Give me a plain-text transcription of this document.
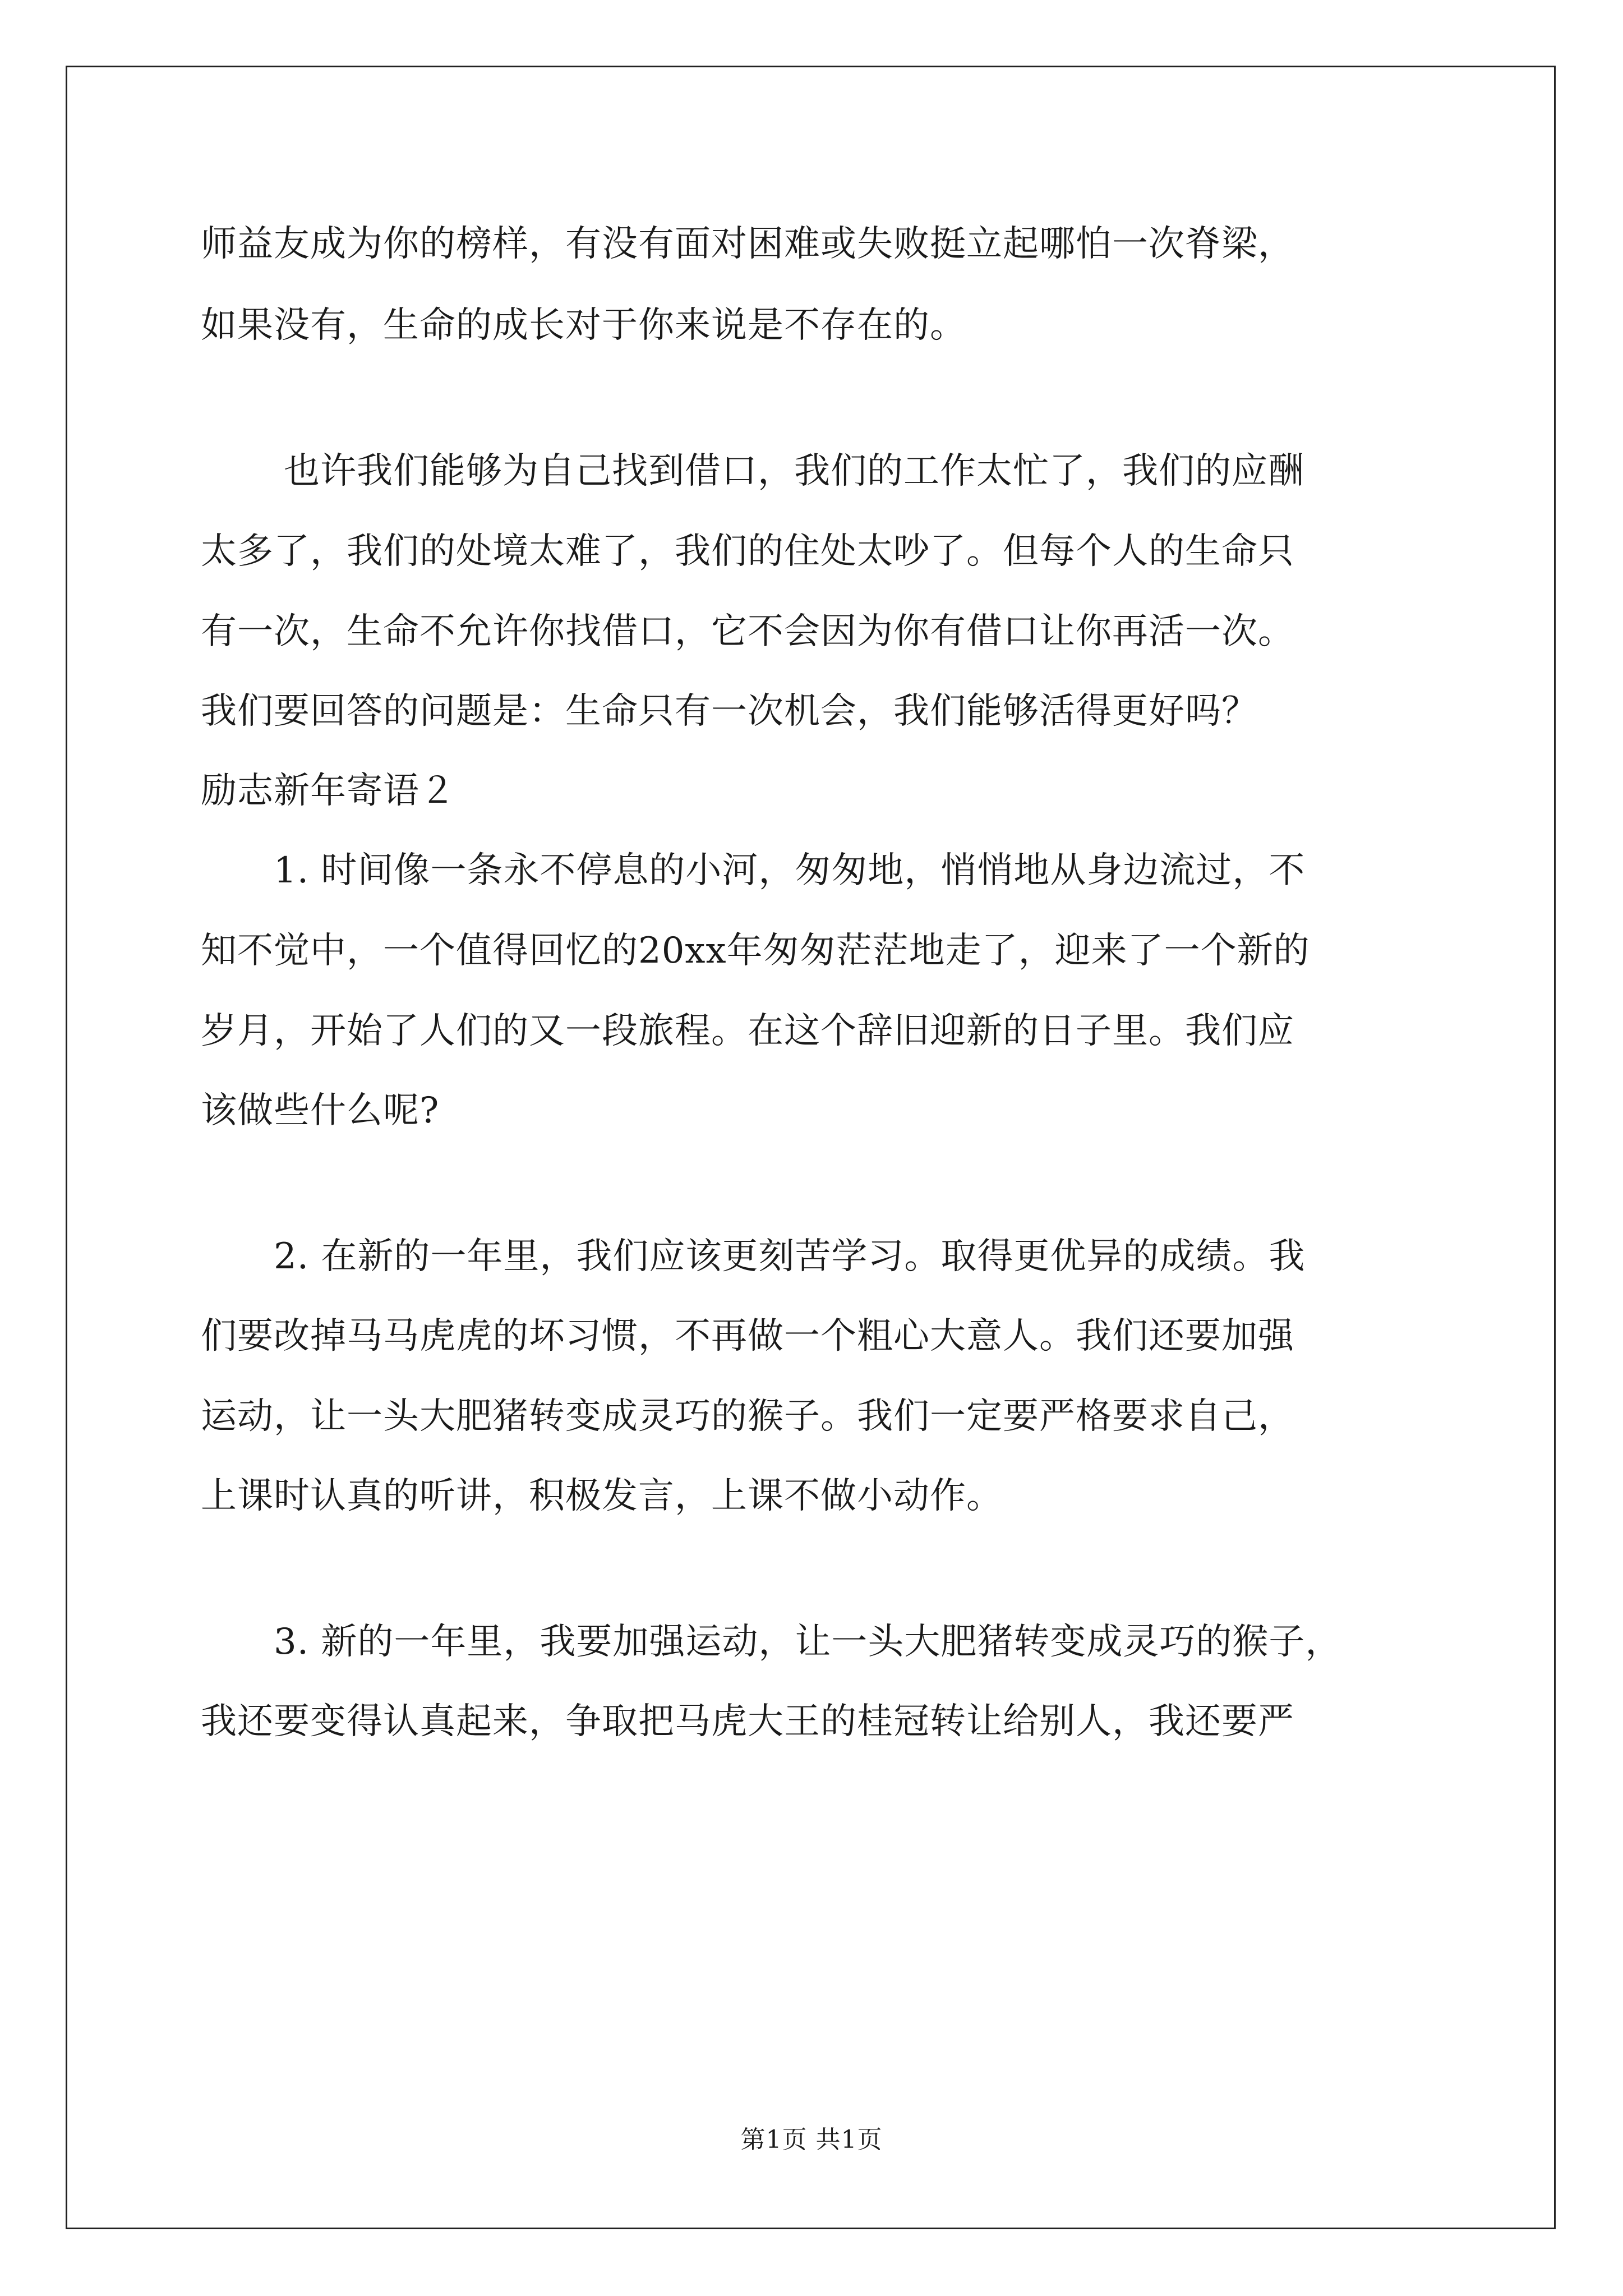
师益友成为你的榜样，有没有面对困难或失败挺立起哪怕一次脊梁，
如果没有，生命的成长对于你来说是不存在的。
也许我们能够为自己找到借口，我们的工作太忙了，我们的应酬
太多了，我们的处境太难了，我们的住处太吵了。但每个人的生命只
有一次，生命不允许你找借口，它不会因为你有借口让你再活一次。
我们要回答的问题是：生命只有一次机会，我们能够活得更好吗？
励志新年寄语２
1. 时间像一条永不停息的小河，匆匆地，悄悄地从身边流过，不
知不觉中，一个值得回忆的20xx年匆匆茫茫地走了，迎来了一个新的
岁月，开始了人们的又一段旅程。在这个辞旧迎新的日子里。我们应
该做些什么呢?
2. 在新的一年里，我们应该更刻苦学习。取得更优异的成绩。我
们要改掉马马虎虎的坏习惯，不再做一个粗心大意人。我们还要加强
运动，让一头大肥猪转变成灵巧的猴子。我们一定要严格要求自己，
上课时认真的听讲，积极发言，上课不做小动作。
3. 新的一年里，我要加强运动，让一头大肥猪转变成灵巧的猴子，
我还要变得认真起来，争取把马虎大王的桂冠转让给别人，我还要严
第1页 共1页
